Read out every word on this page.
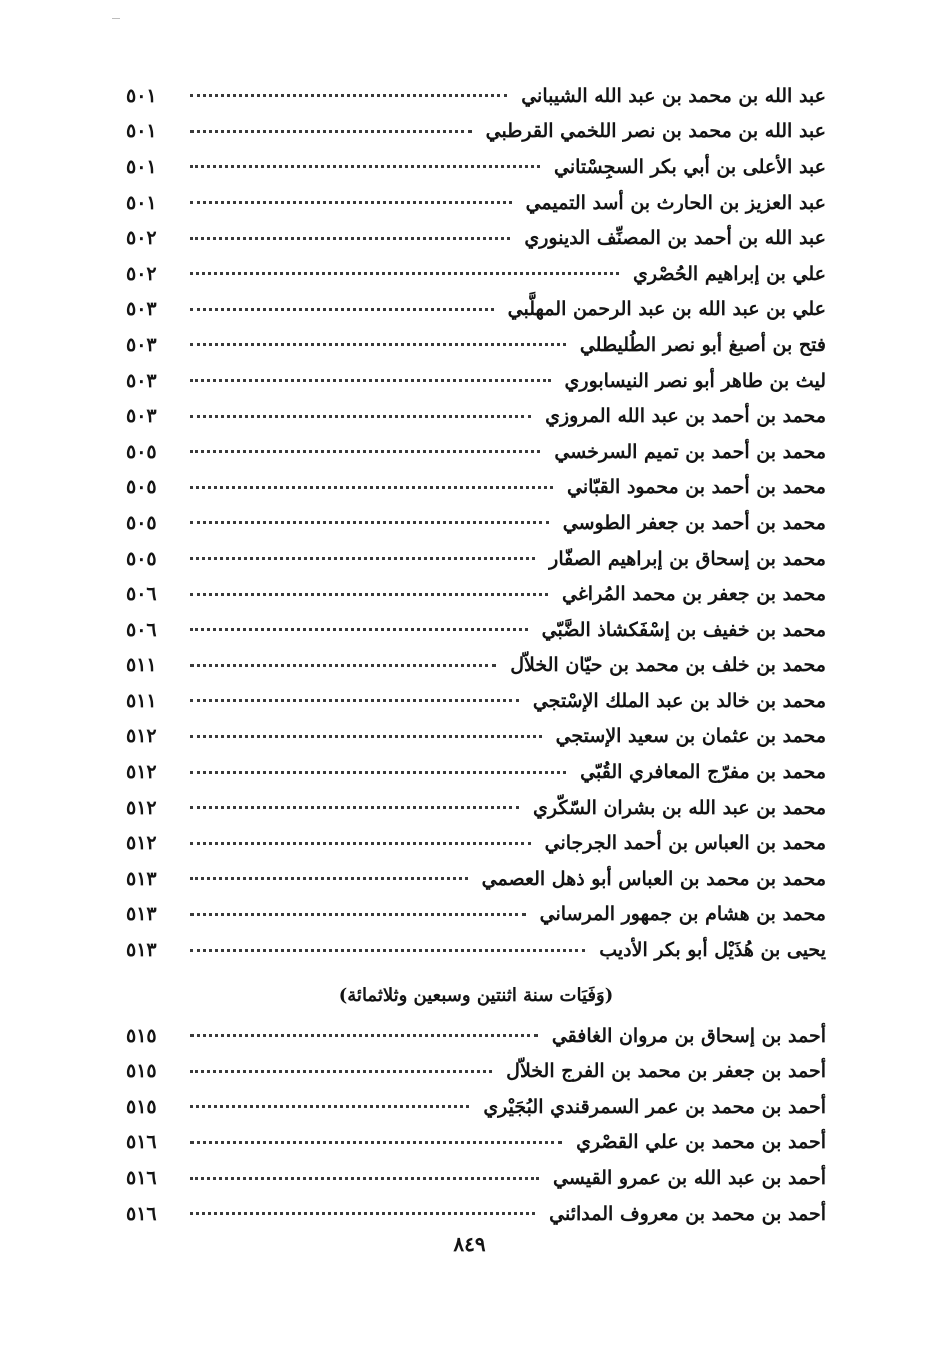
عبد الله بن محمد بن عبد الله الشيباني
٥٠١
عبد الله بن محمد بن نصر اللخمي القرطبي
٥٠١
عبد الأعلى بن أبي بكر السجِسْتاني
٥٠١
عبد العزيز بن الحارث بن أسد التميمي
٥٠١
عبد الله بن أحمد بن المصنِّف الدينوري
٥٠٢
علي بن إبراهيم الحُصْري
٥٠٢
علي بن عبد الله بن عبد الرحمن المهلَّبي
٥٠٣
فتح بن أصبغ أبو نصر الطُليطلي
٥٠٣
ليث بن طاهر أبو نصر النيسابوري
٥٠٣
محمد بن أحمد بن عبد الله المروزي
٥٠٣
محمد بن أحمد بن تميم السرخسي
٥٠٥
محمد بن أحمد بن محمود القبّاني
٥٠٥
محمد بن أحمد بن جعفر الطوسي
٥٠٥
محمد بن إسحاق بن إبراهيم الصفّار
٥٠٥
محمد بن جعفر بن محمد المُراغي
٥٠٦
محمد بن خفيف بن إسْفَكشاذ الضَّبّي
٥٠٦
محمد بن خلف بن محمد بن حيّان الخلاّل
٥١١
محمد بن خالد بن عبد الملك الإسْتجي
٥١١
محمد بن عثمان بن سعيد الإستجي
٥١٢
محمد بن مفرّج المعافري القُبّي
٥١٢
محمد بن عبد الله بن بشران السّكّري
٥١٢
محمد بن العباس بن أحمد الجرجاني
٥١٢
محمد بن محمد بن العباس أبو ذهل العصمي
٥١٣
محمد بن هشام بن جمهور المرساني
٥١٣
يحيى بن هُذَيْل أبو بكر الأديب
٥١٣
(وَفَيَات سنة اثنتين وسبعين وثلاثمائة)
أحمد بن إسحاق بن مروان الغافقي
٥١٥
أحمد بن جعفر بن محمد بن الفرج الخلاّل
٥١٥
أحمد بن محمد بن عمر السمرقندي البُجَيْري
٥١٥
أحمد بن محمد بن علي القصْري
٥١٦
أحمد بن عبد الله بن عمرو القيسي
٥١٦
أحمد بن محمد بن معروف المدائني
٥١٦
٨٤٩
